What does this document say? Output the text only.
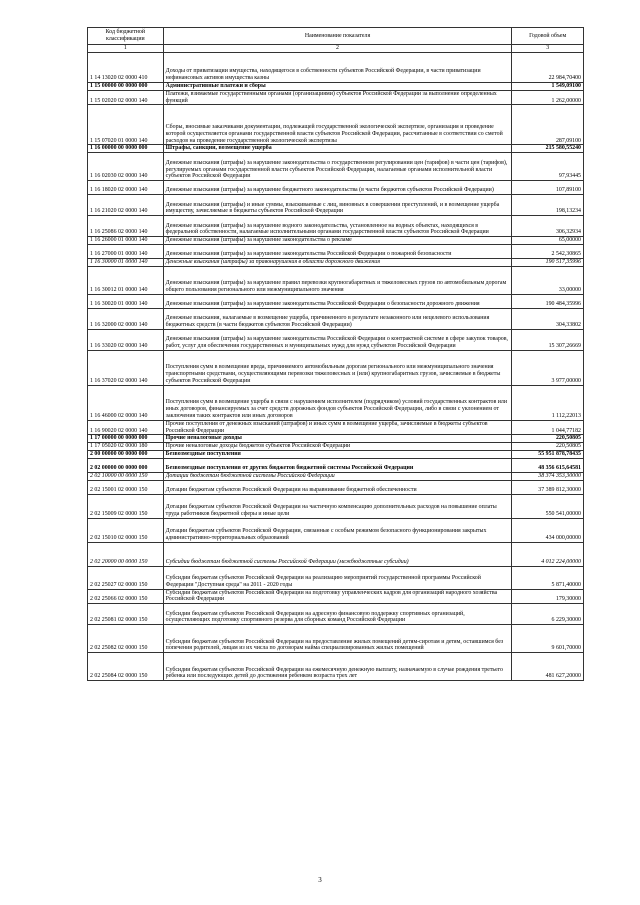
Код бюджетной классификации	Наименование показателя	Годовой объем
1	2	3
1 14 13020 02 0000 410	Доходы от приватизации имущества, находящегося в собственности субъектов Российской Федерации, в части приватизации нефинансовых активов имущества казны	22 984,70400
1 15 00000 00 0000 000	Административные платежи и сборы	1 549,09100
1 15 02020 02 0000 140	Платежи, взимаемые государственными органами (организациями) субъектов Российской Федерации за выполнение определенных функций	1 262,00000
1 15 07020 01 0000 140	Сборы, вносимые заказчиками документации, подлежащей государственной экологической экспертизе, организация и проведение которой осуществляется органами государственной власти субъектов Российской Федерации, рассчитанные в соответствии со сметой расходов на проведение государственной экологической экспертизы	287,09100
1 16 00000 00 0000 000	Штрафы, санкции, возмещение ущерба	215 580,55240
1 16 02030 02 0000 140	Денежные взыскания (штрафы) за нарушение законодательства о государственном регулировании цен (тарифов) в части цен (тарифов), регулируемых органами государственной власти субъектов Российской Федерации, налагаемые органами исполнительной власти субъектов Российской Федерации	97,93445
1 16 18020 02 0000 140	Денежные взыскания (штрафы) за нарушение бюджетного законодательства (в части бюджетов субъектов Российской Федерации)	107,89100
1 16 21020 02 0000 140	Денежные взыскания (штрафы) и иные суммы, взыскиваемые с лиц, виновных в совершении преступлений, и в возмещение ущерба имуществу, зачисляемые в бюджеты субъектов Российской Федерации	198,13234
1 16 25086 02 0000 140	Денежные взыскания (штрафы) за нарушение водного законодательства, установленное на водных объектах, находящихся в федеральной собственности, налагаемые исполнительными органами государственной власти субъектов Российской Федерации	306,32934
1 16 26000 01 0000 140	Денежные взыскания (штрафы) за нарушение законодательства о рекламе	65,00000
1 16 27000 01 0000 140	Денежные взыскания (штрафы) за нарушение законодательства Российской Федерации о пожарной безопасности	2 542,30865
1 16 30000 01 0000 140	Денежные взыскания (штрафы) за правонарушения в области дорожного движения	190 517,35996
1 16 30012 01 0000 140	Денежные взыскания (штрафы) за нарушение правил перевозки крупногабаритных и тяжеловесных грузов по автомобильным дорогам общего пользования регионального или межмуниципального значения	33,00000
1 16 30020 01 0000 140	Денежные взыскания (штрафы) за нарушение законодательства Российской Федерации о безопасности дорожного движения	190 484,35996
1 16 32000 02 0000 140	Денежные взыскания, налагаемые в возмещение ущерба, причиненного в результате незаконного или нецелевого использования бюджетных средств (в части бюджетов субъектов Российской Федерации)	304,33802
1 16 33020 02 0000 140	Денежные взыскания (штрафы) за нарушение законодательства Российской Федерации о контрактной системе в сфере закупок товаров, работ, услуг для обеспечения государственных и муниципальных нужд для нужд субъектов Российской Федерации	15 307,26669
1 16 37020 02 0000 140	Поступления сумм в возмещение вреда, причиняемого автомобильным дорогам регионального или межмуниципального значения транспортными средствами, осуществляющими перевозки тяжеловесных и (или) крупногабаритных грузов, зачисляемые в бюджеты субъектов Российской Федерации	3 977,00000
1 16 46000 02 0000 140	Поступления сумм в возмещение ущерба в связи с нарушением исполнителем (подрядчиком) условий государственных контрактов или иных договоров, финансируемых за счет средств дорожных фондов субъектов Российской Федерации, либо в связи с уклонением от заключения таких контрактов или иных договоров	1 112,22013
1 16 90020 02 0000 140	Прочие поступления от денежных взысканий (штрафов) и иных сумм в возмещение ущерба, зачисляемые в бюджеты субъектов Российской Федерации	1 044,77182
1 17 00000 00 0000 000	Прочие неналоговые доходы	220,50805
1 17 05020 02 0000 180	Прочие неналоговые доходы бюджетов субъектов Российской Федерации	220,50805
2 00 00000 00 0000 000	Безвозмездные поступления	55 951 878,78435
2 02 00000 00 0000 000	Безвозмездные поступления от других бюджетов бюджетной системы Российской Федерации	48 356 615,64581
2 02 10000 00 0000 150	Дотации бюджетам бюджетной системы Российской Федерации	38 374 353,30000
2 02 15001 02 0000 150	Дотации бюджетам субъектов Российской Федерации на выравнивание бюджетной обеспеченности	37 389 812,30000
2 02 15009 02 0000 150	Дотации бюджетам субъектов Российской Федерации на частичную компенсацию дополнительных расходов на повышение оплаты труда работников бюджетной сферы и иные цели	550 541,00000
2 02 15010 02 0000 150	Дотации бюджетам субъектов Российской Федерации, связанные с особым режимом безопасного функционирования закрытых административно-территориальных образований	434 000,00000
2 02 20000 00 0000 150	Субсидии бюджетам бюджетной системы Российской Федерации (межбюджетные субсидии)	4 012 224,00000
2 02 25027 02 0000 150	Субсидии бюджетам субъектов Российской Федерации на реализацию мероприятий государственной программы Российской Федерации "Доступная среда" на 2011 - 2020 годы	5 871,40000
2 02 25066 02 0000 150	Субсидии бюджетам субъектов Российской Федерации на подготовку управленческих кадров для организаций народного хозяйства Российской Федерации	179,30000
2 02 25081 02 0000 150	Субсидии бюджетам субъектов Российской Федерации на адресную финансовую поддержку спортивных организаций, осуществляющих подготовку спортивного резерва для сборных команд Российской Федерации	6 229,30000
2 02 25082 02 0000 150	Субсидии бюджетам субъектов Российской Федерации на предоставление жилых помещений детям-сиротам и детям, оставшимся без попечения родителей, лицам из их числа по договорам найма специализированных жилых помещений	9 601,70000
2 02 25084 02 0000 150	Субсидии бюджетам субъектов Российской Федерации на ежемесячную денежную выплату, назначаемую в случае рождения третьего ребенка или последующих детей до достижения ребенком возраста трех лет	481 627,20000
3
